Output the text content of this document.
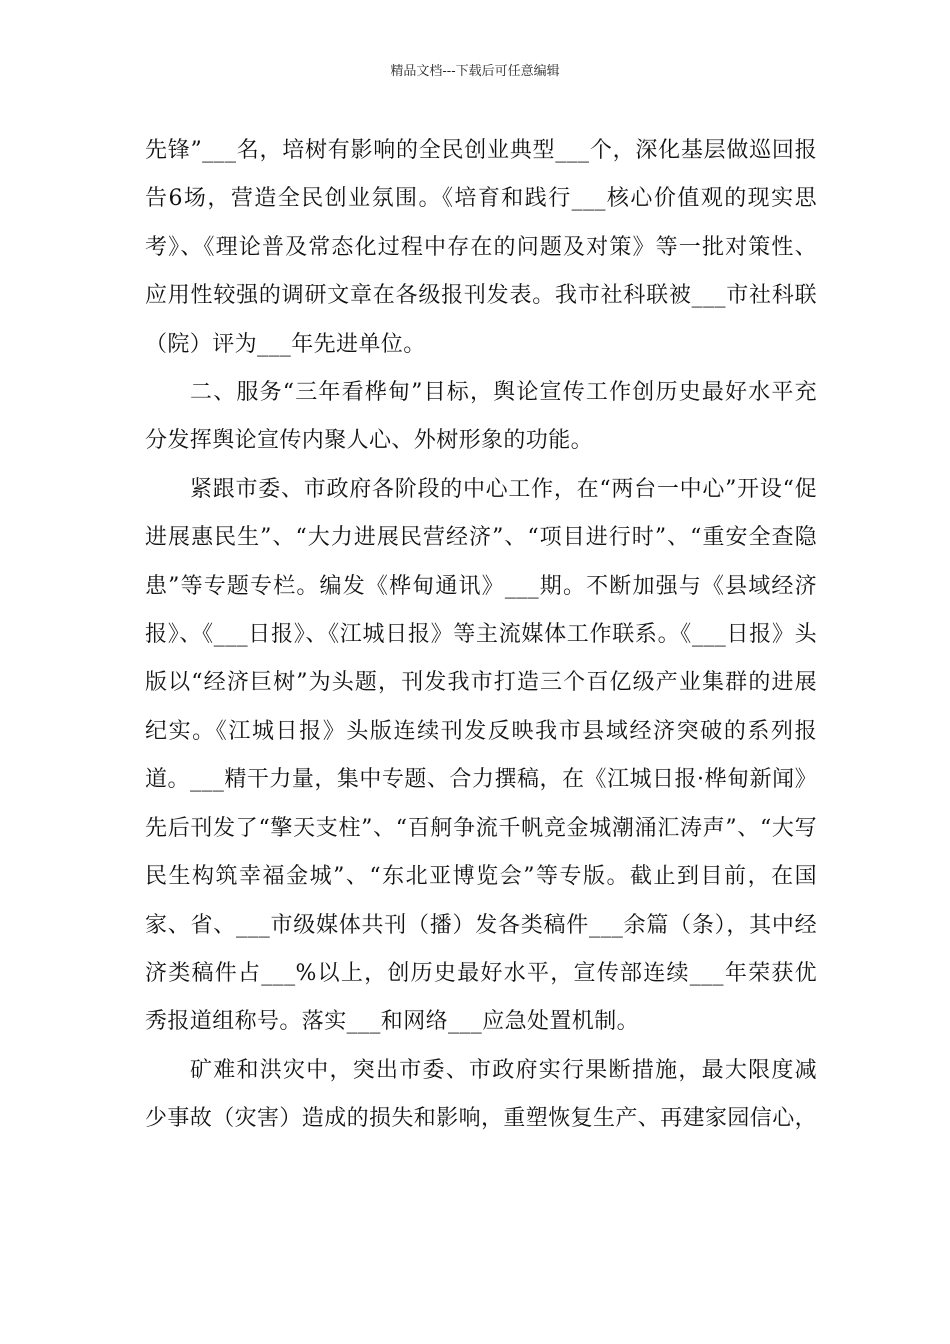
精品文档---下载后可任意编辑

先锋”___名，培树有影响的全民创业典型___个，深化基层做巡回报告6场，营造全民创业氛围。《培育和践行___核心价值观的现实思考》、《理论普及常态化过程中存在的问题及对策》等一批对策性、应用性较强的调研文章在各级报刊发表。我市社科联被___市社科联（院）评为___年先进单位。

二、服务“三年看桦甸”目标，舆论宣传工作创历史最好水平充分发挥舆论宣传内聚人心、外树形象的功能。

紧跟市委、市政府各阶段的中心工作，在“两台一中心”开设“促进展惠民生”、“大力进展民营经济”、“项目进行时”、“重安全查隐患”等专题专栏。编发《桦甸通讯》___期。不断加强与《县域经济报》、《___日报》、《江城日报》等主流媒体工作联系。《___日报》头版以“经济巨树”为头题，刊发我市打造三个百亿级产业集群的进展纪实。《江城日报》头版连续刊发反映我市县域经济突破的系列报道。___精干力量，集中专题、合力撰稿，在《江城日报·桦甸新闻》先后刊发了“擎天支柱”、“百舸争流千帆竞金城潮涌汇涛声”、“大写民生构筑幸福金城”、“东北亚博览会”等专版。截止到目前，在国家、省、___市级媒体共刊（播）发各类稿件___余篇（条），其中经济类稿件占___%以上，创历史最好水平，宣传部连续___年荣获优秀报道组称号。落实___和网络___应急处置机制。

矿难和洪灾中，突出市委、市政府实行果断措施，最大限度减少事故（灾害）造成的损失和影响，重塑恢复生产、再建家园信心，
